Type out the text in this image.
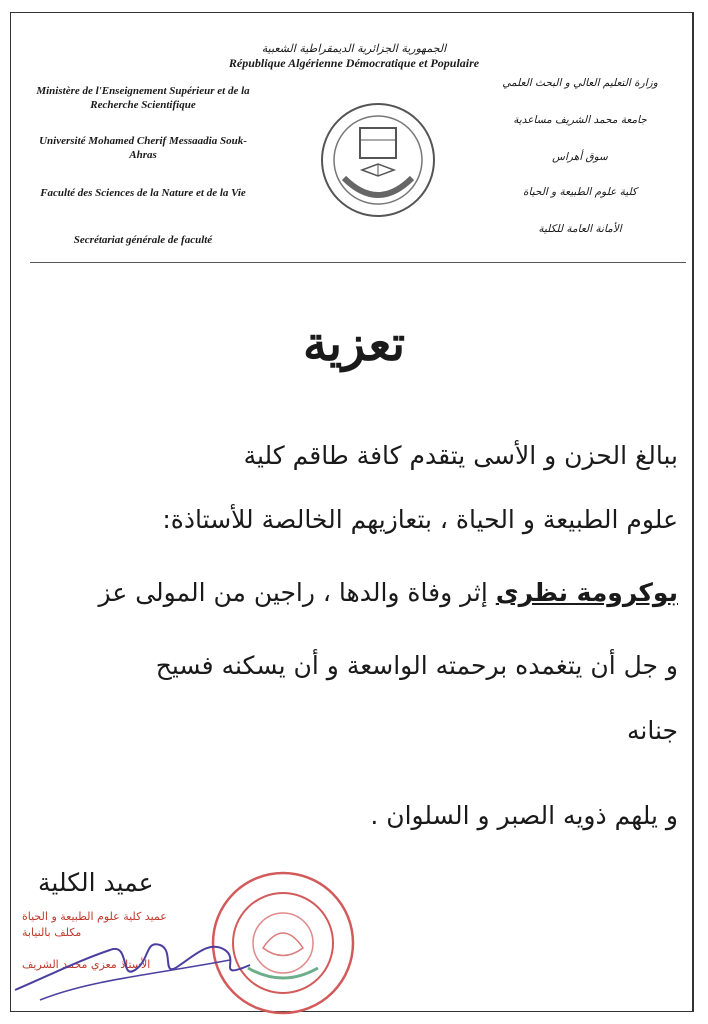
الجمهورية الجزائرية الديمقراطية الشعبية
République Algérienne Démocratique et Populaire
Ministère de l'Enseignement Supérieur et de la Recherche Scientifique
Université Mohamed Cherif Messaadia Souk-Ahras
Faculté des Sciences de la Nature et de la Vie
Secrétariat générale de faculté
وزارة التعليم العالي و البحث العلمي
جامعة محمد الشريف مساعدية
سوق أهراس
كلية علوم الطبيعة و الحياة
الأمانة العامة للكلية
تعزية
ببالغ الحزن و الأسى يتقدم كافة طاقم كلية
علوم الطبيعة و الحياة ، بتعازيهم الخالصة للأستاذة:
بوكرومة نظرى إثر وفاة والدها ، راجين من المولى عز
و جل أن يتغمده برحمته الواسعة و أن يسكنه فسيح
جنانه
و يلهم ذويه الصبر و السلوان .
عميد الكلية
عميد كلية علوم الطبيعة و الحياة
مكلف بالنيابة
الأستاذ معزي محمد الشريف
